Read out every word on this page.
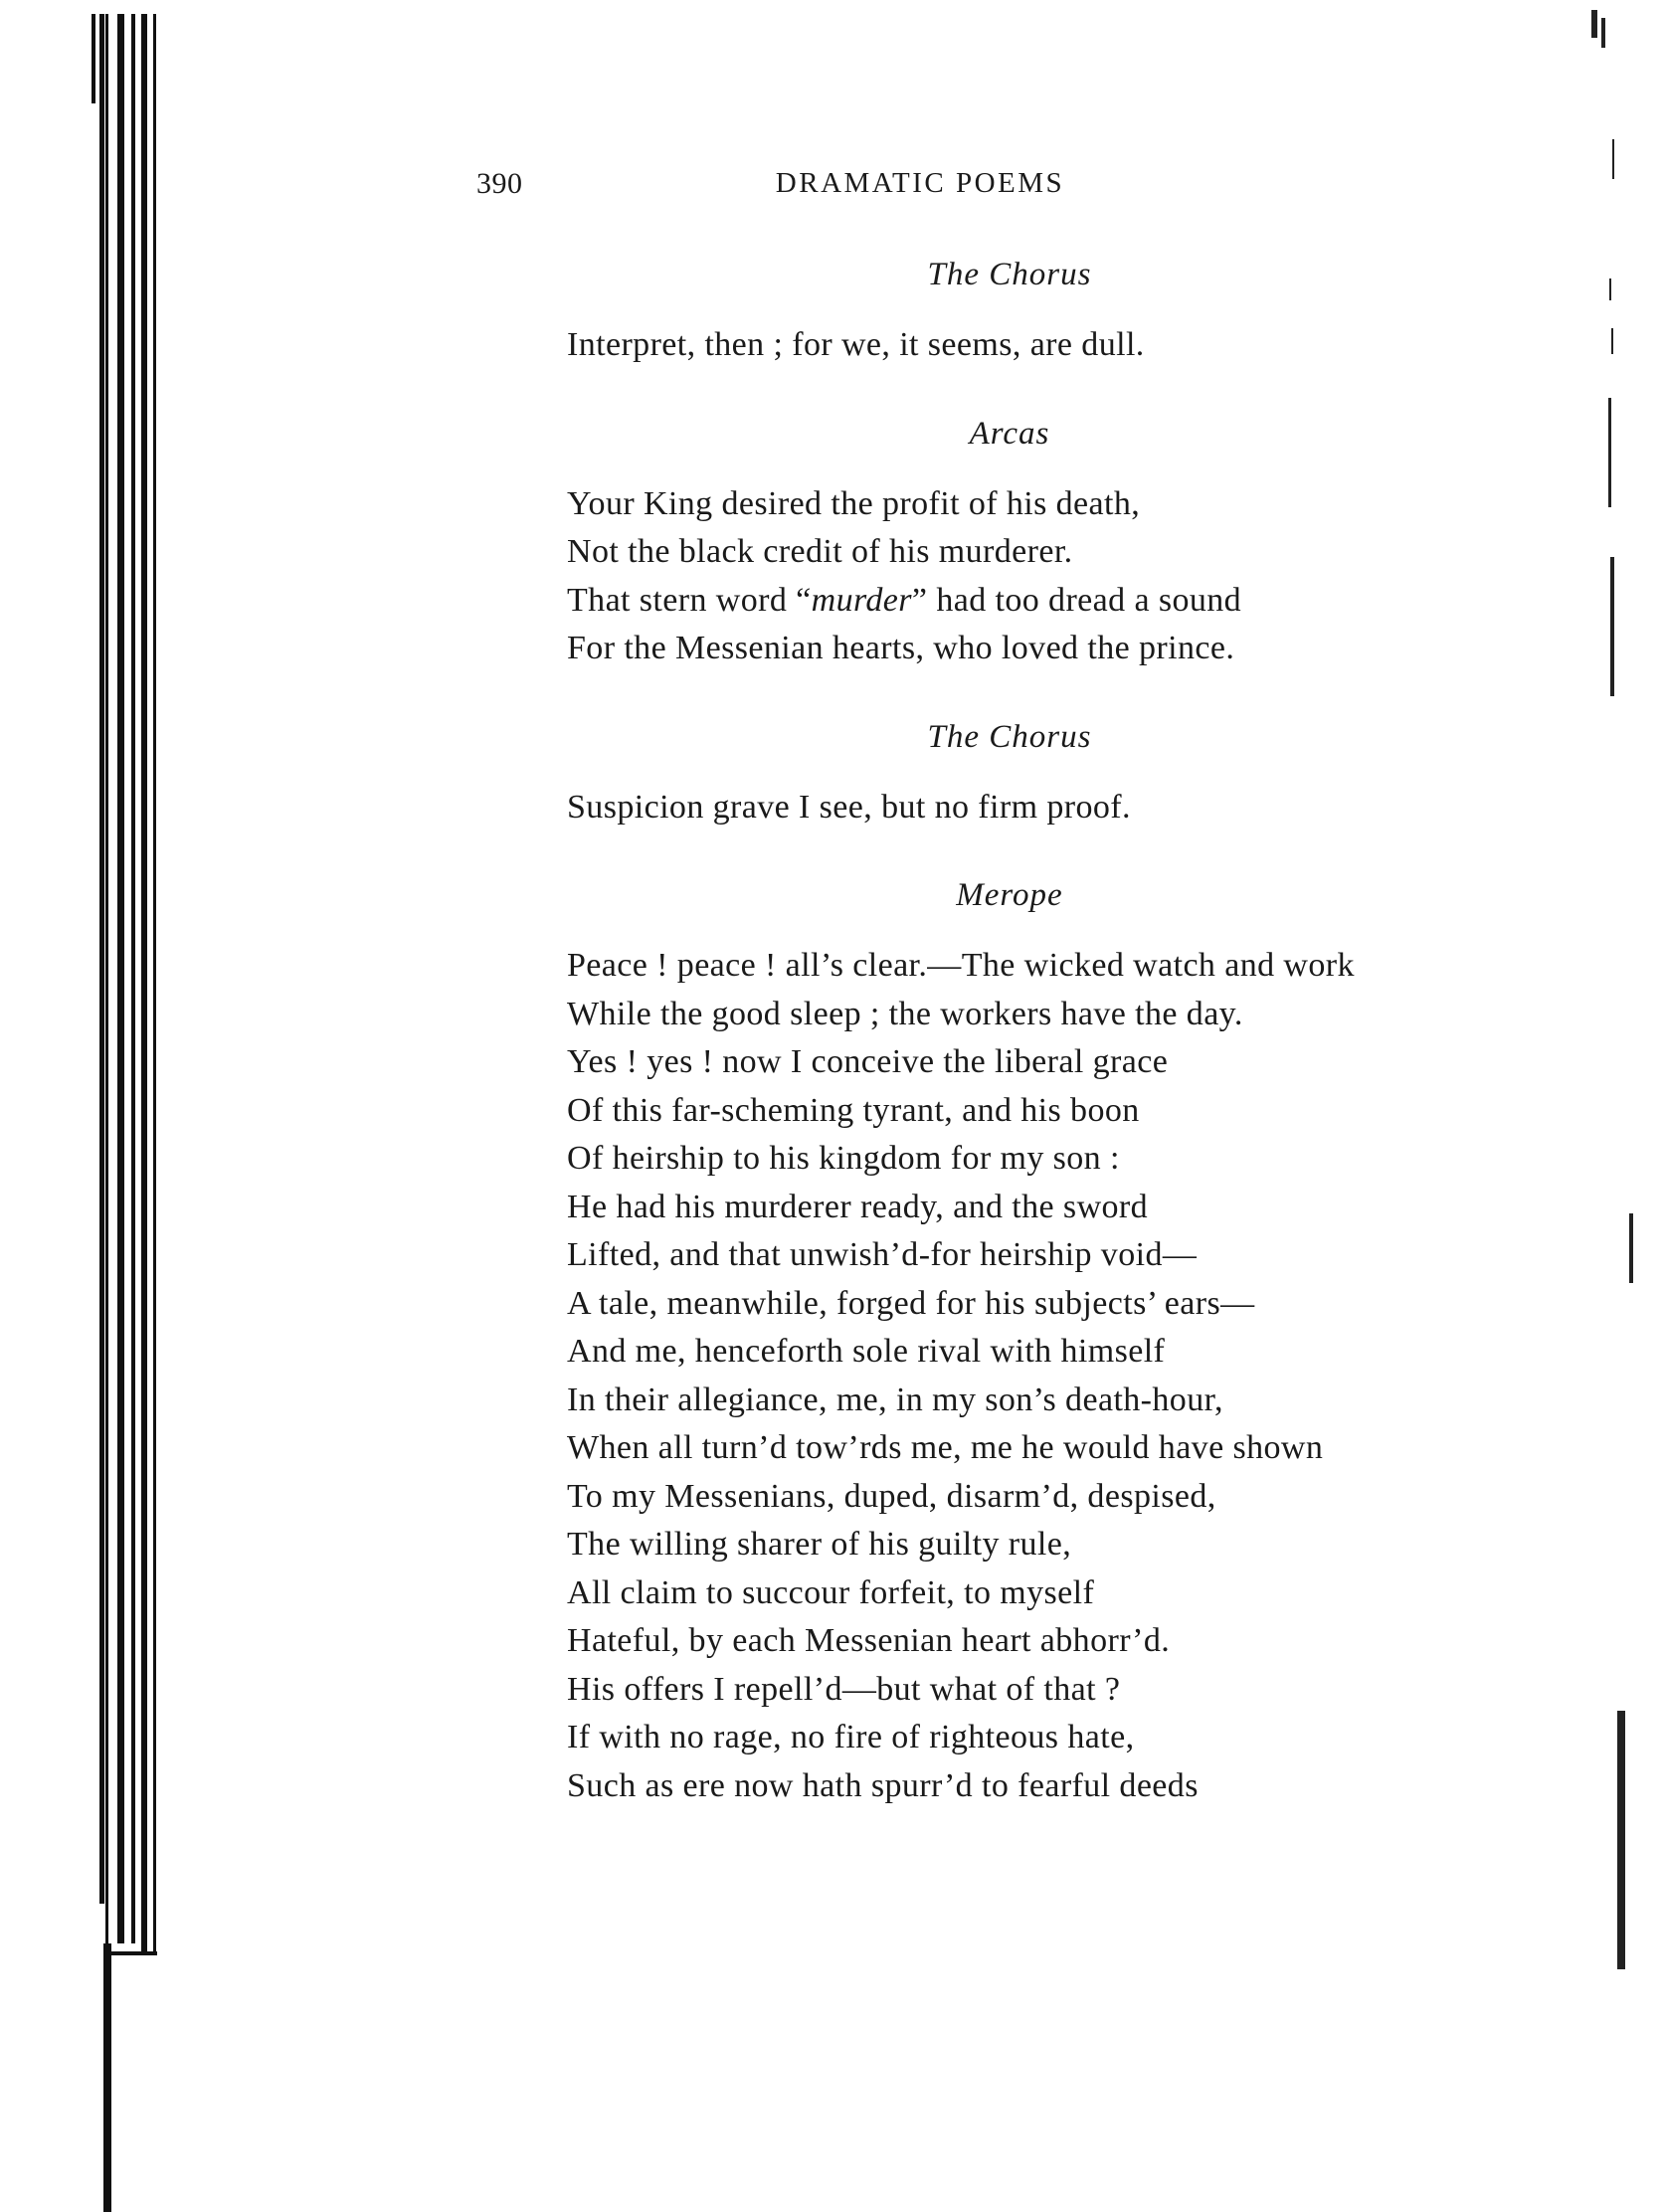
390	DRAMATIC POEMS

The Chorus

Interpret, then ; for we, it seems, are dull.

Arcas

Your King desired the profit of his death,
Not the black credit of his murderer.
That stern word “murder” had too dread a sound
For the Messenian hearts, who loved the prince.

The Chorus

Suspicion grave I see, but no firm proof.

Merope

Peace ! peace ! all’s clear.—The wicked watch and work
While the good sleep ; the workers have the day.
Yes ! yes ! now I conceive the liberal grace
Of this far-scheming tyrant, and his boon
Of heirship to his kingdom for my son :
He had his murderer ready, and the sword
Lifted, and that unwish’d-for heirship void—
A tale, meanwhile, forged for his subjects’ ears—
And me, henceforth sole rival with himself
In their allegiance, me, in my son’s death-hour,
When all turn’d tow’rds me, me he would have shown
To my Messenians, duped, disarm’d, despised,
The willing sharer of his guilty rule,
All claim to succour forfeit, to myself
Hateful, by each Messenian heart abhorr’d.
His offers I repell’d—but what of that ?
If with no rage, no fire of righteous hate,
Such as ere now hath spurr’d to fearful deeds
